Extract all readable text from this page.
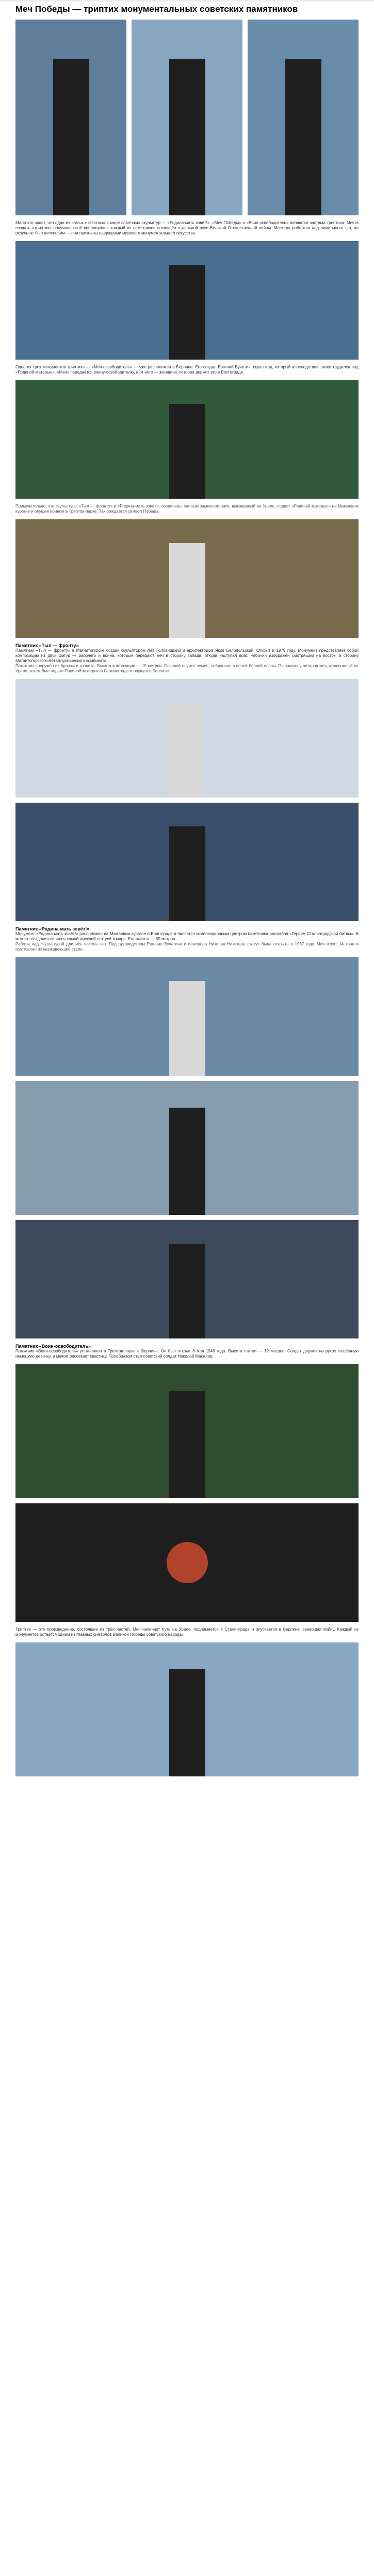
Меч Победы — триптих монументальных советских памятников

Мало кто знает, что одни из самых известных в мире советских скульптур — «Родина-мать зовёт!», «Меч Победы» и «Воин-освободитель» являются частями триптиха. Мечта создать «триптих» получила своё воплощение; каждый из памятников посвящён отдельной вехе Великой Отечественной войны. Мастера работали над ними много лет, но результат был неоспорим — они признаны шедеврами мирового монументального искусства.

Одно из трех монументов триптиха — «Меч-освободитель» — уже расположен в Берлине. Его создал Евгений Вучетич, скульптор, который впоследствии также трудился над «Родиной-матерью». «Меч» передаётся воину-освободителю, а от него — женщине, которая держит его в Волгограде.

Примечательно, что скульптуры «Тыл — фронту» и «Родина-мать зовёт!» соединены единым замыслом: меч, выкованный на Урале, поднят «Родиной-матерью» на Мамаевом кургане и опущен воином в Трептов-парке. Так рождается символ Победы.

Памятник «Тыл — фронту»

Памятник «Тыл — фронту» в Магнитогорске создан скульптором Лев Головницкий и архитектором Яков Белопольский. Открыт в 1979 году. Монумент представляет собой композицию из двух фигур — рабочего и воина, которые передают меч в сторону запада, откуда наступал враг. Рабочий изображён смотрящим на восток, в сторону Магнитогорского металлургического комбината.

Памятник сооружён из бронзы и гранита. Высота композиции — 15 метров. Основой служит земля, собранная с полей боевой славы. По замыслу авторов меч, выкованный на Урале, затем был поднят Родиной-матерью в Сталинграде и опущен в Берлине.

Памятник «Родина-мать зовёт!»

Монумент «Родина-мать зовёт!» расположен на Мамаевом кургане в Волгограде и является композиционным центром памятника-ансамбля «Героям Сталинградской битвы». В момент создания являлся самой высокой статуей в мире. Его высота — 85 метров.

Работы над скульптурой длились восемь лет. Под руководством Евгения Вучетича и инженера Николая Никитина статуя была открыта в 1967 году. Меч весит 14 тонн и изготовлен из нержавеющей стали.

Памятник «Воин-освободитель»

Памятник «Воин-освободитель» установлен в Трептов-парке в Берлине. Он был открыт 8 мая 1949 года. Высота статуи — 12 метров. Солдат держит на руках спасённую немецкую девочку, а мечом рассекает свастику. Прообразом стал советский солдат Николай Масалов.

Триптих — это произведение, состоящее из трёх частей. Меч начинает путь на Урале, поднимается в Сталинграде и опускается в Берлине, завершая войну. Каждый из монументов остаётся одним из главных символов Великой Победы советского народа.
